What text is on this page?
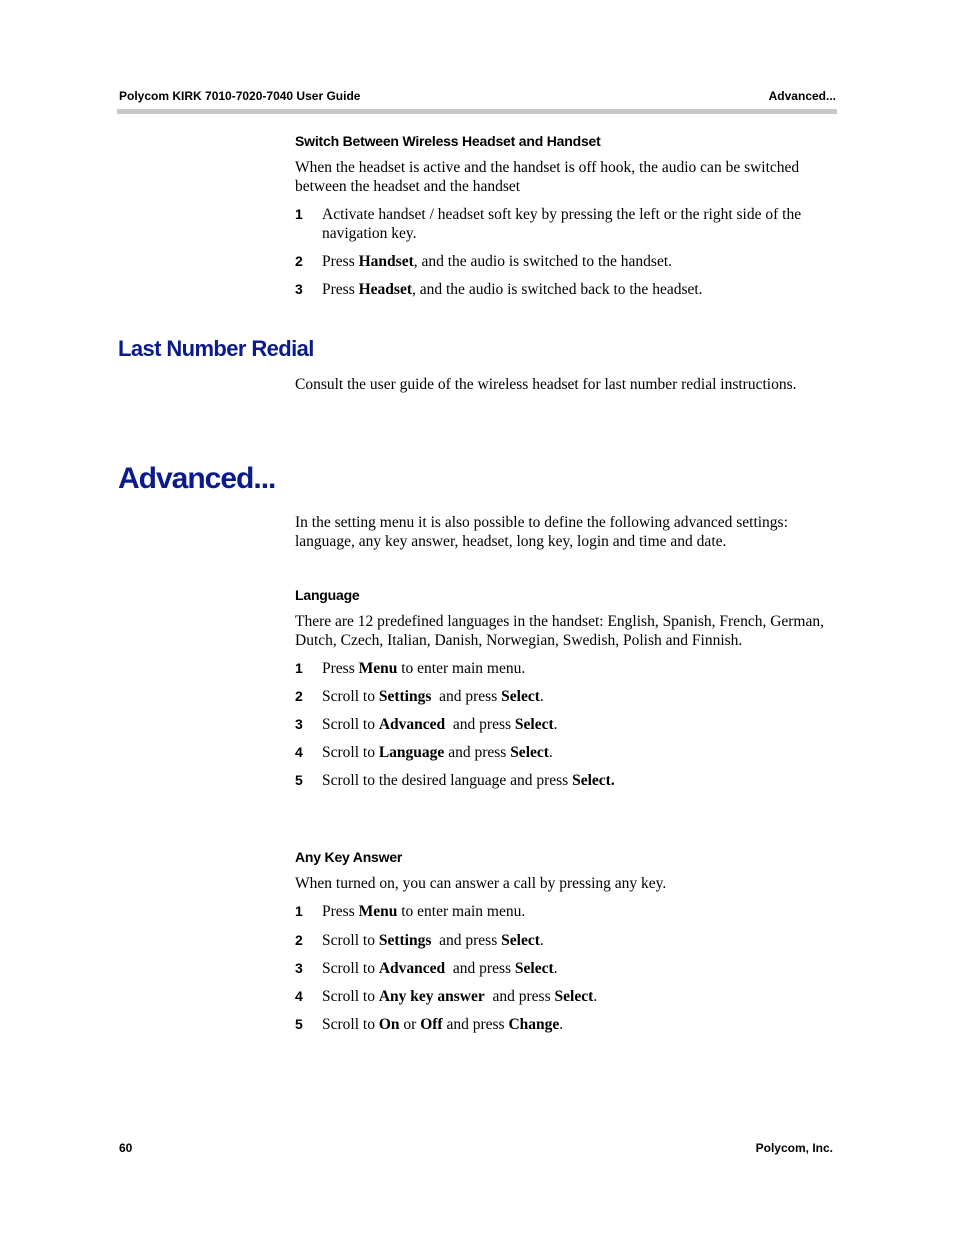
Polycom KIRK 7010-7020-7040 User Guide	Advanced...
Switch Between Wireless Headset and Handset
When the headset is active and the handset is off hook, the audio can be switched between the headset and the handset
1 Activate handset / headset soft key by pressing the left or the right side of the navigation key.
2 Press Handset, and the audio is switched to the handset.
3 Press Headset, and the audio is switched back to the headset.
Last Number Redial
Consult the user guide of the wireless headset for last number redial instructions.
Advanced...
In the setting menu it is also possible to define the following advanced settings: language, any key answer, headset, long key, login and time and date.
Language
There are 12 predefined languages in the handset: English, Spanish, French, German, Dutch, Czech, Italian, Danish, Norwegian, Swedish, Polish and Finnish.
1 Press Menu to enter main menu.
2 Scroll to Settings  and press Select.
3 Scroll to Advanced  and press Select.
4 Scroll to Language and press Select.
5 Scroll to the desired language and press Select.
Any Key Answer
When turned on, you can answer a call by pressing any key.
1 Press Menu to enter main menu.
2 Scroll to Settings  and press Select.
3 Scroll to Advanced  and press Select.
4 Scroll to Any key answer  and press Select.
5 Scroll to On or Off and press Change.
60	Polycom, Inc.
